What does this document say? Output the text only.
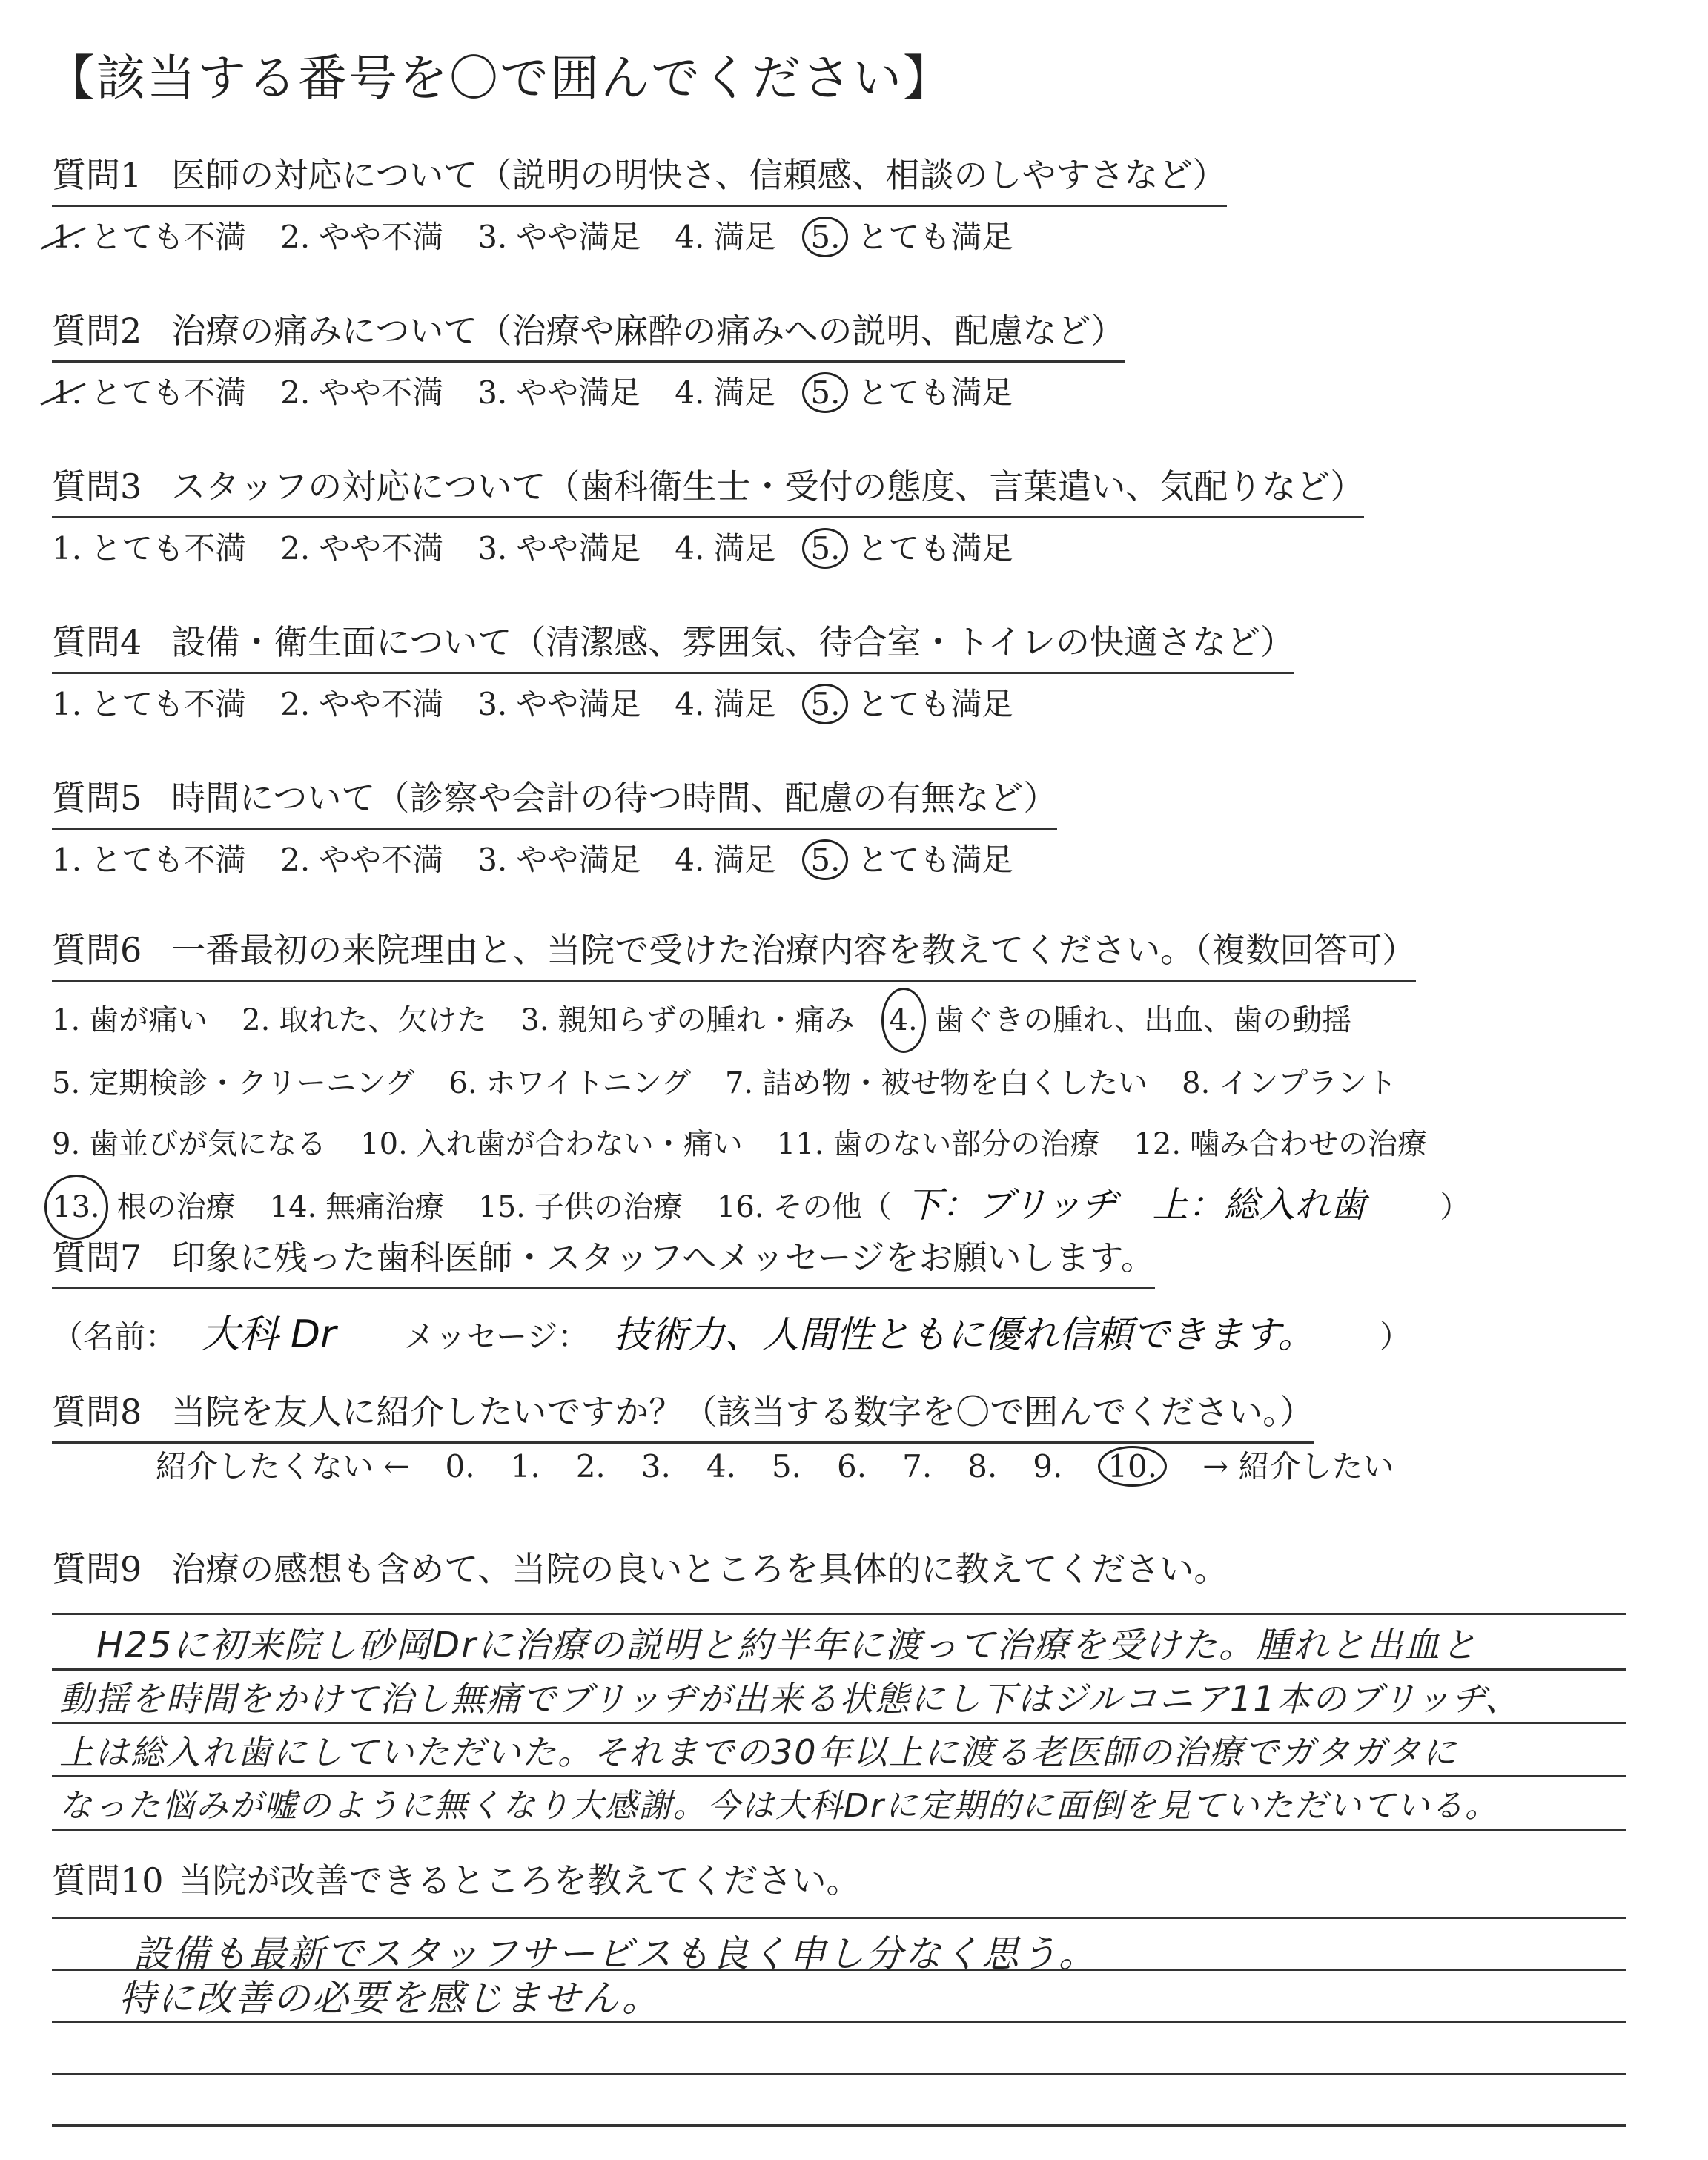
【該当する番号を〇で囲んでください】
質問1 医師の対応について（説明の明快さ、信頼感、相談のしやすさなど）
1. とても不満 2. やや不満 3. やや満足 4. 満足 5. とても満足
質問2 治療の痛みについて（治療や麻酔の痛みへの説明、配慮など）
1. とても不満 2. やや不満 3. やや満足 4. 満足 5. とても満足
質問3 スタッフの対応について（歯科衛生士・受付の態度、言葉遣い、気配りなど）
1. とても不満 2. やや不満 3. やや満足 4. 満足 5. とても満足
質問4 設備・衛生面について（清潔感、雰囲気、待合室・トイレの快適さなど）
1. とても不満 2. やや不満 3. やや満足 4. 満足 5. とても満足
質問5 時間について（診察や会計の待つ時間、配慮の有無など）
1. とても不満 2. やや不満 3. やや満足 4. 満足 5. とても満足
質問6 一番最初の来院理由と、当院で受けた治療内容を教えてください。（複数回答可）
1. 歯が痛い 2. 取れた、欠けた 3. 親知らずの腫れ・痛み 4. 歯ぐきの腫れ、出血、歯の動揺
5. 定期検診・クリーニング 6. ホワイトニング 7. 詰め物・被せ物を白くしたい 8. インプラント
9. 歯並びが気になる 10. 入れ歯が合わない・痛い 11. 歯のない部分の治療 12. 噛み合わせの治療
13. 根の治療 14. 無痛治療 15. 子供の治療 16. その他（ 下：ブリッヂ　上：総入れ歯 ）
質問7 印象に残った歯科医師・スタッフへメッセージをお願いします。
（名前： 大科 Dr メッセージ： 技術力、人間性ともに優れ信頼できます。 ）
質問8 当院を友人に紹介したいですか？（該当する数字を〇で囲んでください。）
紹介したくない ← 0. 1. 2. 3. 4. 5. 6. 7. 8. 9. 10. → 紹介したい
質問9 治療の感想も含めて、当院の良いところを具体的に教えてください。
H25に初来院し砂岡Drに治療の説明と約半年に渡って治療を受けた。腫れと出血と
動揺を時間をかけて治し無痛でブリッヂが出来る状態にし下はジルコニア11本のブリッヂ、
上は総入れ歯にしていただいた。それまでの30年以上に渡る老医師の治療でガタガタに
なった悩みが嘘のように無くなり大感謝。今は大科Drに定期的に面倒を見ていただいている。
質問10 当院が改善できるところを教えてください。
設備も最新でスタッフサービスも良く申し分なく思う。
特に改善の必要を感じません。
